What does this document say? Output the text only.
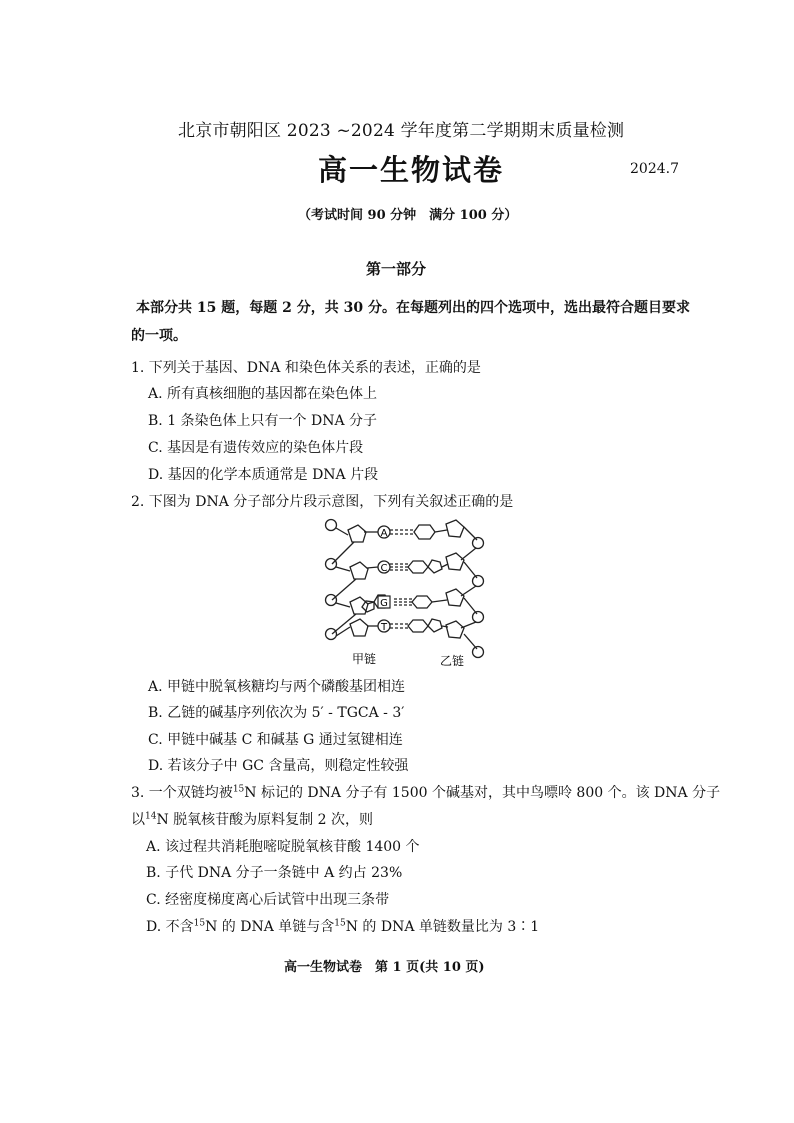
北京市朝阳区 2023 ~2024 学年度第二学期期末质量检测
高一生物试卷	2024.7
（考试时间 90 分钟　满分 100 分）
第一部分
本部分共 15 题，每题 2 分，共 30 分。在每题列出的四个选项中，选出最符合题目要求
的一项。
1. 下列关于基因、DNA 和染色体关系的表述，正确的是
A. 所有真核细胞的基因都在染色体上
B. 1 条染色体上只有一个 DNA 分子
C. 基因是有遗传效应的染色体片段
D. 基因的化学本质通常是 DNA 片段
2. 下图为 DNA 分子部分片段示意图，下列有关叙述正确的是
A
C
G
T
甲链	乙链
A. 甲链中脱氧核糖均与两个磷酸基团相连
B. 乙链的碱基序列依次为 5′ - TGCA - 3′
C. 甲链中碱基 C 和碱基 G 通过氢键相连
D. 若该分子中 GC 含量高，则稳定性较强
3. 一个双链均被$^{15}$N 标记的 DNA 分子有 1500 个碱基对，其中鸟嘌呤 800 个。该 DNA 分子
以$^{14}$N 脱氧核苷酸为原料复制 2 次，则
A. 该过程共消耗胞嘧啶脱氧核苷酸 1400 个
B. 子代 DNA 分子一条链中 A 约占 23%
C. 经密度梯度离心后试管中出现三条带
D. 不含$^{15}$N 的 DNA 单链与含$^{15}$N 的 DNA 单链数量比为 3∶1
高一生物试卷　第 1 页(共 10 页)
